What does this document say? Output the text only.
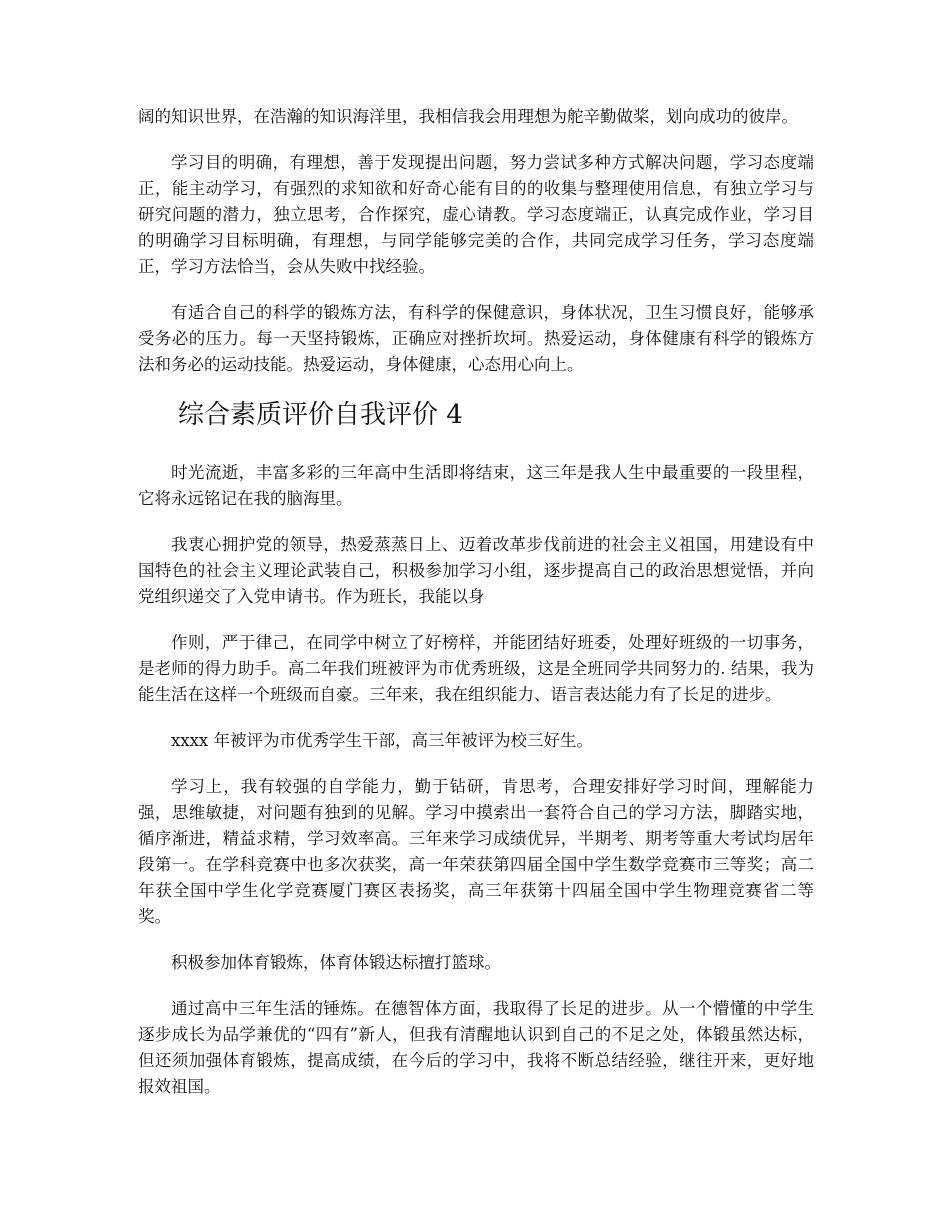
阔的知识世界，在浩瀚的知识海洋里，我相信我会用理想为舵辛勤做桨，划向成功的彼岸。

学习目的明确，有理想，善于发现提出问题，努力尝试多种方式解决问题，学习态度端正，能主动学习，有强烈的求知欲和好奇心能有目的的收集与整理使用信息，有独立学习与研究问题的潜力，独立思考，合作探究，虚心请教。学习态度端正，认真完成作业，学习目的明确学习目标明确，有理想，与同学能够完美的合作，共同完成学习任务，学习态度端正，学习方法恰当，会从失败中找经验。

有适合自己的科学的锻炼方法，有科学的保健意识，身体状况，卫生习惯良好，能够承受务必的压力。每一天坚持锻炼，正确应对挫折坎坷。热爱运动，身体健康有科学的锻炼方法和务必的运动技能。热爱运动，身体健康，心态用心向上。

综合素质评价自我评价 4

时光流逝，丰富多彩的三年高中生活即将结束，这三年是我人生中最重要的一段里程，它将永远铭记在我的脑海里。

我衷心拥护党的领导，热爱蒸蒸日上、迈着改革步伐前进的社会主义祖国，用建设有中国特色的社会主义理论武装自己，积极参加学习小组，逐步提高自己的政治思想觉悟，并向党组织递交了入党申请书。作为班长，我能以身

作则，严于律己，在同学中树立了好榜样，并能团结好班委，处理好班级的一切事务，是老师的得力助手。高二年我们班被评为市优秀班级，这是全班同学共同努力的. 结果，我为能生活在这样一个班级而自豪。三年来，我在组织能力、语言表达能力有了长足的进步。

xxxx 年被评为市优秀学生干部，高三年被评为校三好生。

学习上，我有较强的自学能力，勤于钻研，肯思考，合理安排好学习时间，理解能力强，思维敏捷，对问题有独到的见解。学习中摸索出一套符合自己的学习方法，脚踏实地，循序渐进，精益求精，学习效率高。三年来学习成绩优异，半期考、期考等重大考试均居年段第一。在学科竞赛中也多次获奖，高一年荣获第四届全国中学生数学竞赛市三等奖；高二年获全国中学生化学竞赛厦门赛区表扬奖，高三年获第十四届全国中学生物理竞赛省二等奖。

积极参加体育锻炼，体育体锻达标擅打篮球。

通过高中三年生活的锤炼。在德智体方面，我取得了长足的进步。从一个懵懂的中学生逐步成长为品学兼优的“四有”新人，但我有清醒地认识到自己的不足之处，体锻虽然达标，但还须加强体育锻炼，提高成绩，在今后的学习中，我将不断总结经验，继往开来，更好地报效祖国。
